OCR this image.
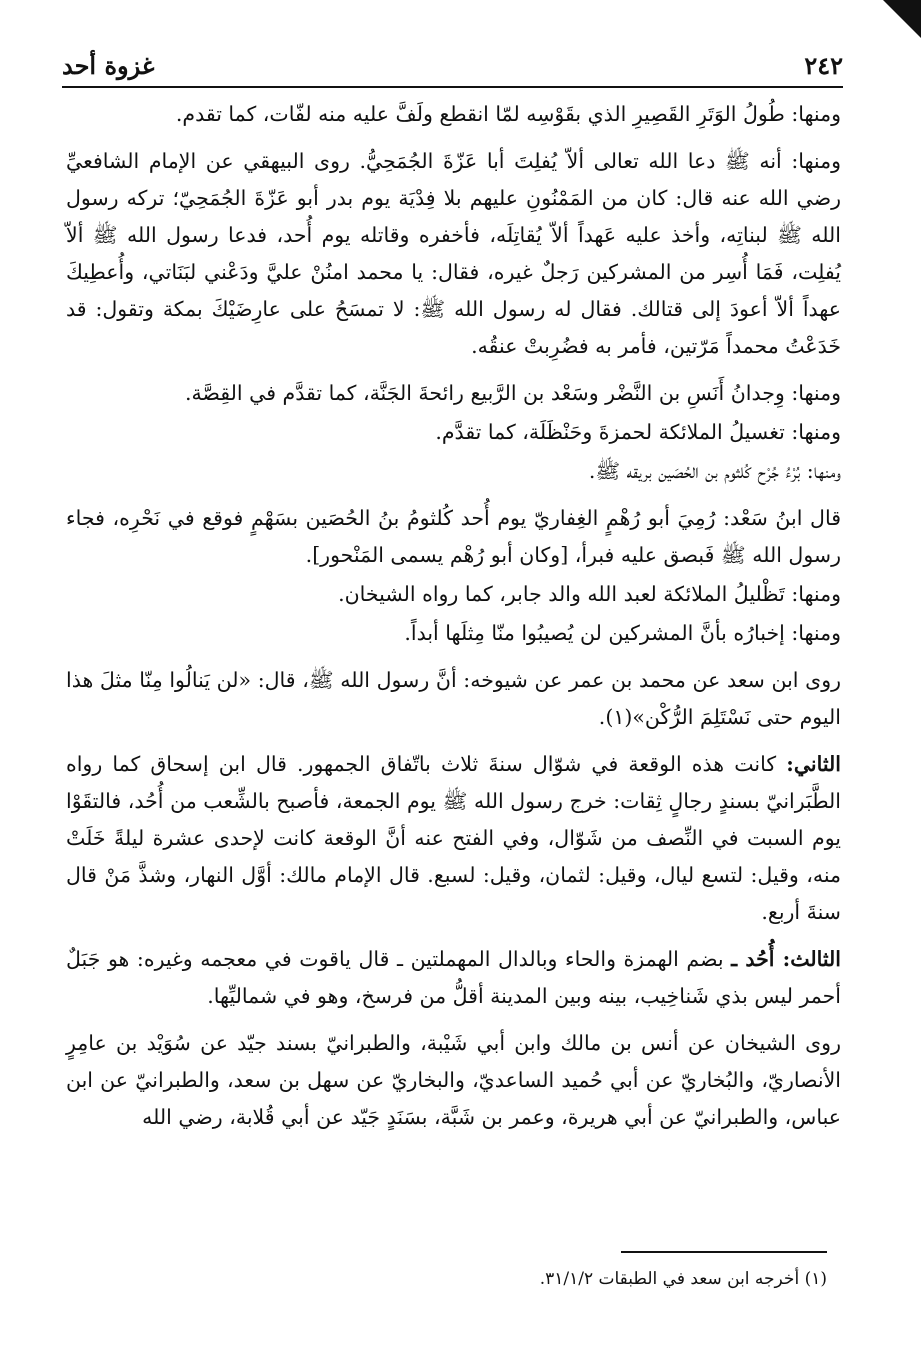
٢٤٢
غزوة أحد

ومنها: طُولُ الوَتَرِ القَصِيرِ الذي بقَوْسِه لمّا انقطع ولَفَّ عليه منه لفّات، كما تقدم.

ومنها: أنه ﷺ دعا الله تعالى ألاّ يُفلِتَ أبا عَزّةَ الجُمَحِيُّ. روى البيهقي عن الإمام الشافعيِّ رضي الله عنه قال: كان من المَمْنُونِ عليهم بلا فِدْيَة يوم بدر أبو عَزّةَ الجُمَحِيّ؛ تركه رسول الله ﷺ لبناتِه، وأخذ عليه عَهداً ألاّ يُقاتِلَه، فأخفره وقاتله يوم أُحد، فدعا رسول الله ﷺ ألاّ يُفلِت، فَمَا أُسِر من المشركين رَجلٌ غيره، فقال: يا محمد امنُنْ عليَّ ودَعْني لبَنَاتي، وأُعطِيكَ عهداً ألاّ أعودَ إلى قتالك. فقال له رسول الله ﷺ: لا تمسَحُ على عارِضَيْكَ بمكة وتقول: قد خَدَعْتُ محمداً مَرّتين، فأمر به فضُرِبتْ عنقُه.

ومنها: وِجدانُ أَنَسِ بن النَّضْر وسَعْد بن الرَّبيع رائحةَ الجَنَّة، كما تقدَّم في القِصَّة.

ومنها: تغسيلُ الملائكة لحمزةَ وحَنْظَلَة، كما تقدَّم.

ومنها: بُرْءُ جُرْح كُلثوم بن الحُصَين بريقه ﷺ.

قال ابنُ سَعْد: رُمِيَ أبو رُهْمٍ الغِفاريّ يوم أُحد كُلثومُ بنُ الحُصَين بسَهْمٍ فوقع في نَحْرِه، فجاء رسول الله ﷺ فَبصق عليه فبرأ، [وكان أبو رُهْم يسمى المَنْحور].

ومنها: تَظْليلُ الملائكة لعبد الله والد جابر، كما رواه الشيخان.

ومنها: إخبارُه بأنَّ المشركين لن يُصيبُوا منّا مِثلَها أبداً.

روى ابن سعد عن محمد بن عمر عن شيوخه: أنَّ رسول الله ﷺ، قال: «لن يَنالُوا مِنّا مثلَ هذا اليوم حتى نَسْتَلِمَ الرُّكْن»(١).

الثاني: كانت هذه الوقعة في شوّال سنةَ ثلاث باتّفاق الجمهور. قال ابن إسحاق كما رواه الطَّبَرانيّ بسندٍ رجالٍ ثِقات: خرج رسول الله ﷺ يوم الجمعة، فأصبح بالشِّعب من أُحُد، فالتقَوْا يوم السبت في النِّصف من شَوّال، وفي الفتح عنه أنَّ الوقعة كانت لإحدى عشرة ليلةً خَلَتْ منه، وقيل: لتسع ليال، وقيل: لثمان، وقيل: لسبع. قال الإمام مالك: أوَّل النهار، وشذَّ مَنْ قال سنةَ أربع.

الثالث: أُحُد ـ بضم الهمزة والحاء وبالدال المهملتين ـ قال ياقوت في معجمه وغيره: هو جَبَلٌ أحمر ليس بذي شَناخِيب، بينه وبين المدينة أقلُّ من فرسخ، وهو في شماليِّها.

روى الشيخان عن أنس بن مالك وابن أبي شَيْبة، والطبرانيّ بسند جيّد عن سُوَيْد بن عامِرٍ الأنصاريّ، والبُخاريّ عن أبي حُميد الساعديّ، والبخاريّ عن سهل بن سعد، والطبرانيّ عن ابن عباس، والطبرانيّ عن أبي هريرة، وعمر بن شَبَّة، بسَنَدٍ جَيّد عن أبي قُلابة، رضي الله

(١) أخرجه ابن سعد في الطبقات ٣١/١/٢.
